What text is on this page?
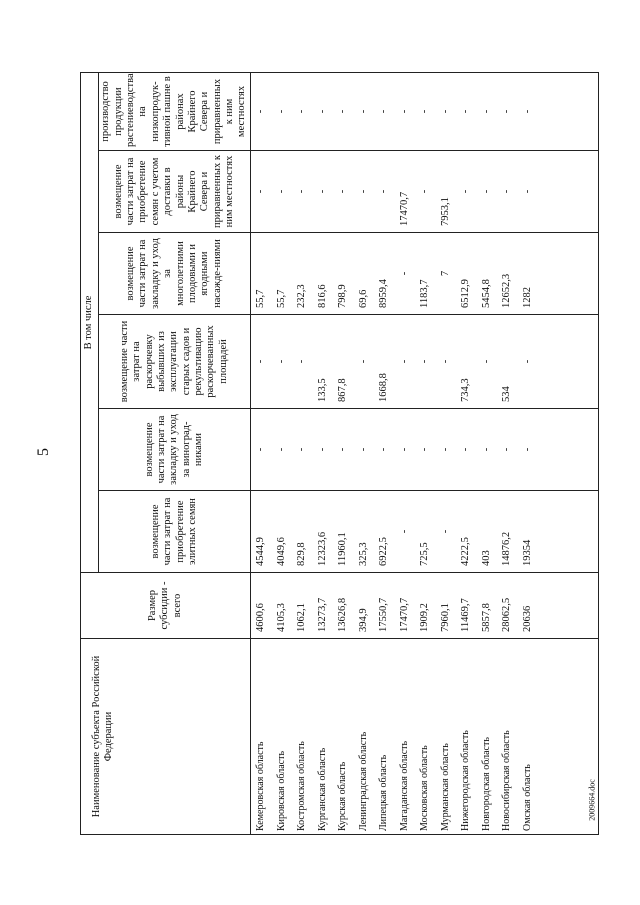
5
2009664.doc
Наименование субъекта Российской Федерации	Размер субсидии - всего	В том числе					
		возмещение части затрат на приобретение элитных семян	возмещение части затрат на закладку и уход за виноград-никами	возмещение части затрат на раскорчевку выбывших из эксплуатации старых садов и рекультивацию раскорчеванных площадей	возмещение части затрат на закладку и уход за многолетними плодовыми и ягодными насажде-ниями	возмещение части затрат на приобретение семян с учетом доставки в районы Крайнего Севера и приравненных к ним местностях	производство продукции растениеводства на низкопродук-тивной пашне в районах Крайнего Севера и приравненных к ним местностях
Кемеровская область	4600,6	4544,9	-	-	55,7	-	-
Кировская область	4105,3	4049,6	-	-	55,7	-	-
Костромская область	1062,1	829,8	-	-	232,3	-	-
Курганская область	13273,7	12323,6	-	133,5	816,6	-	-
Курская область	13626,8	11960,1	-	867,8	798,9	-	-
Ленинградская область	394,9	325,3	-	-	69,6	-	-
Липецкая область	17550,7	6922,5	-	1668,8	8959,4	-	-
Магаданская область	17470,7	-	-	-	-	17470,7	-
Московская область	1909,2	725,5	-	-	1183,7	-	-
Мурманская область	7960,1	-	-	-	7	7953,1	-
Нижегородская область	11469,7	4222,5	-	734,3	6512,9	-	-
Новгородская область	5857,8	403	-	-	5454,8	-	-
Новосибирская область	28062,5	14876,2	-	534	12652,3	-	-
Омская область	20636	19354	-	-	1282	-	-
